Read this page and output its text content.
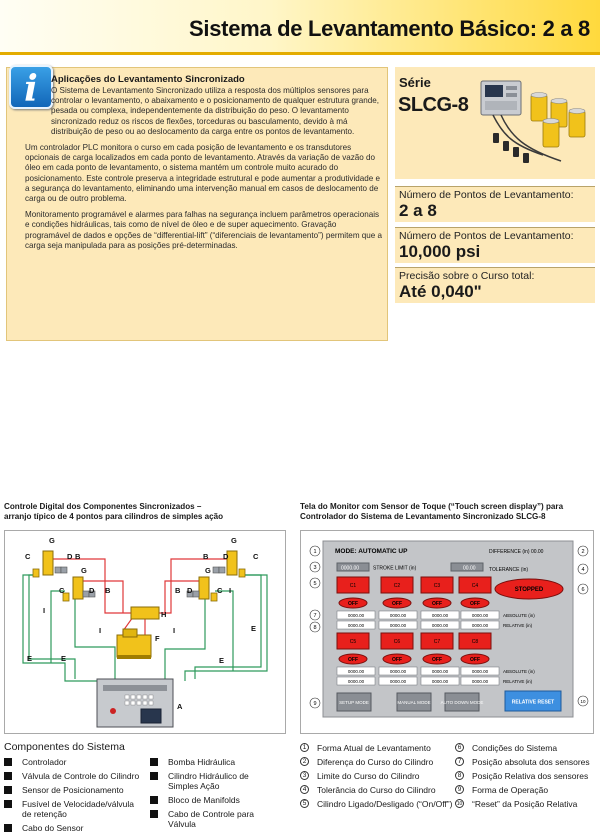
Sistema de Levantamento Básico: 2 a 8
i	Aplicações do Levantamento Sincronizado

O Sistema de Levantamento Sincronizado utiliza a resposta dos múltiplos sensores para controlar o levantamento, o abaixamento e o posicionamento de qualquer estrutura grande, pesada ou complexa, independentemente da distribuição do peso. O levantamento sincronizado reduz os riscos de flexões, torceduras ou basculamento, devido à má distribuição de peso ou ao deslocamento da carga entre os pontos de levantamento.

Um controlador PLC monitora o curso em cada posição de levantamento e os transdutores opcionais de carga localizados em cada ponto de levantamento. Através da variação de vazão do óleo em cada ponto de levantamento, o sistema mantém um controle muito acurado do posicionamento. Este controle preserva a integridade estrutural e pode aumentar a produtividade e a segurança do levantamento, eliminando uma intervenção manual em casos de deslocamento de carga ou de outro problema.

Monitoramento programável e alarmes para falhas na segurança incluem parâmetros operacionais e condições hidráulicas, tais como de nível de óleo e de super aquecimento. Gravação programável de dados e opções de “differential-lift” (“diferenciais de levantamento”) permitem que a carga seja manipulada para as posições pré-determinadas.

Série
SLCG-8
Número de Pontos de Levantamento:
2 a 8
Número de Pontos de Levantamento:
10,000 psi
Precisão sobre o Curso total:
Até 0,040"
Controle Digital dos Componentes Sincronizados –
arranjo típico de 4 pontos para cilindros de simples ação
C
G
D B
C
G
D B
I
I
E	E
B D
G
C
B D
G
C I
I	E
E
H
F
A
Tela do Monitor com Sensor de Toque (“Touch screen display”) para
Controlador do Sistema de Levantamento Sincronizado SLCG-8
MODE: AUTOMATIC UP	DIFFERENCE (in) 00.00
0000.00	STROKE LIMIT (in)	00.00	TOLERANCE (in)
C1	C2	C3	C4
STOPPED
OFF	OFF	OFF	OFF
0000.00	0000.00	0000.00	0000.00
0000.00	0000.00	0000.00	0000.00
ABSOLUTE (in)
RELATIVE (in)
C5	C6	C7	C8
OFF	OFF	OFF	OFF
0000.00	0000.00	0000.00	0000.00
0000.00	0000.00	0000.00	0000.00
ABSOLUTE (in)
RELATIVE (in)
SETUP MODE	MANUAL MODE AUTO DOWN MODE	RELATIVE RESET
1	2
3	4
5
6
7
8
9	10
Componentes do Sistema
Controlador
Válvula de Controle do Cilindro
Sensor de Posicionamento
Fusível de Velocidade/válvula de retenção
Cabo do Sensor
Bomba Hidráulica
Cilindro Hidráulico de Simples Ação
Bloco de Manifolds
Cabo de Controle para Válvula
1	Forma Atual de Levantamento
2	Diferença do Curso do Cilindro
3	Limite do Curso do Cilindro
4	Tolerância do Curso do Cilindro
5	Cilindro Ligado/Desligado (“On/Off”)
6	Condições do Sistema
7	Posição absoluta dos sensores
8	Posição Relativa dos sensores
9	Forma de Operação
10 “Reset” da Posição Relativa
